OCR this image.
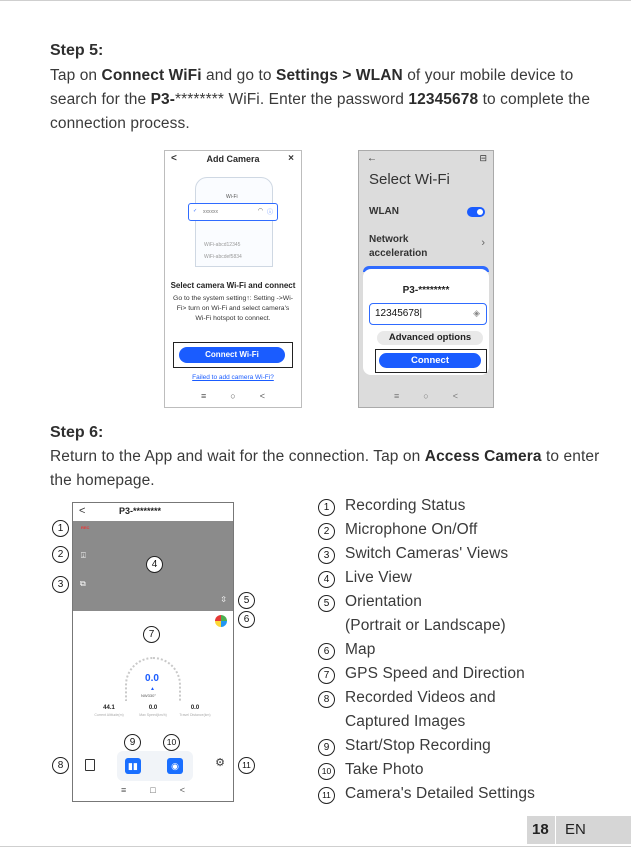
Step 5:
Tap on Connect WiFi and go to Settings > WLAN of your mobile device to search for the P3-******** WiFi. Enter the password 12345678 to complete the connection process.
<	Add Camera	×
Wi-Fi
WiFi-abcd12345
WiFi-abcdef5834
✓ xxxxxx	◠ ⓘ
Select camera Wi-Fi and connect
Go to the system setting↑: Setting ->Wi-Fi> turn on Wi-Fi and select camera's Wi-Fi hotspot to connect.
Connect Wi-Fi
Failed to add camera Wi-Fi?
≡	○	<
←	⊟
Select Wi-Fi
WLAN
Network acceleration
›
P3-********
12345678|	◈
Advanced options
Connect
≡	○	<
Step 6:
Return to the App and wait for the connection. Tap on Access Camera to enter the homepage.
<	P3-********
REC
⍗
⧉
⇳
0.0
▲
NW330°
44.1
Current Altitude(m)
0.0
Max Speed(km/h)
0.0
Travel Distance(km)
▮▮	◉	⚙
≡	□	<
1
2
3
4
5
6
7
8
9	10
11
1	Recording Status
2	Microphone On/Off
3	Switch Cameras' Views
4	Live View
5	Orientation
(Portrait or Landscape)
6	Map
7	GPS Speed and Direction
8	Recorded Videos and
Captured Images
9	Start/Stop Recording
10 Take Photo
11 Camera's Detailed Settings
18 EN
